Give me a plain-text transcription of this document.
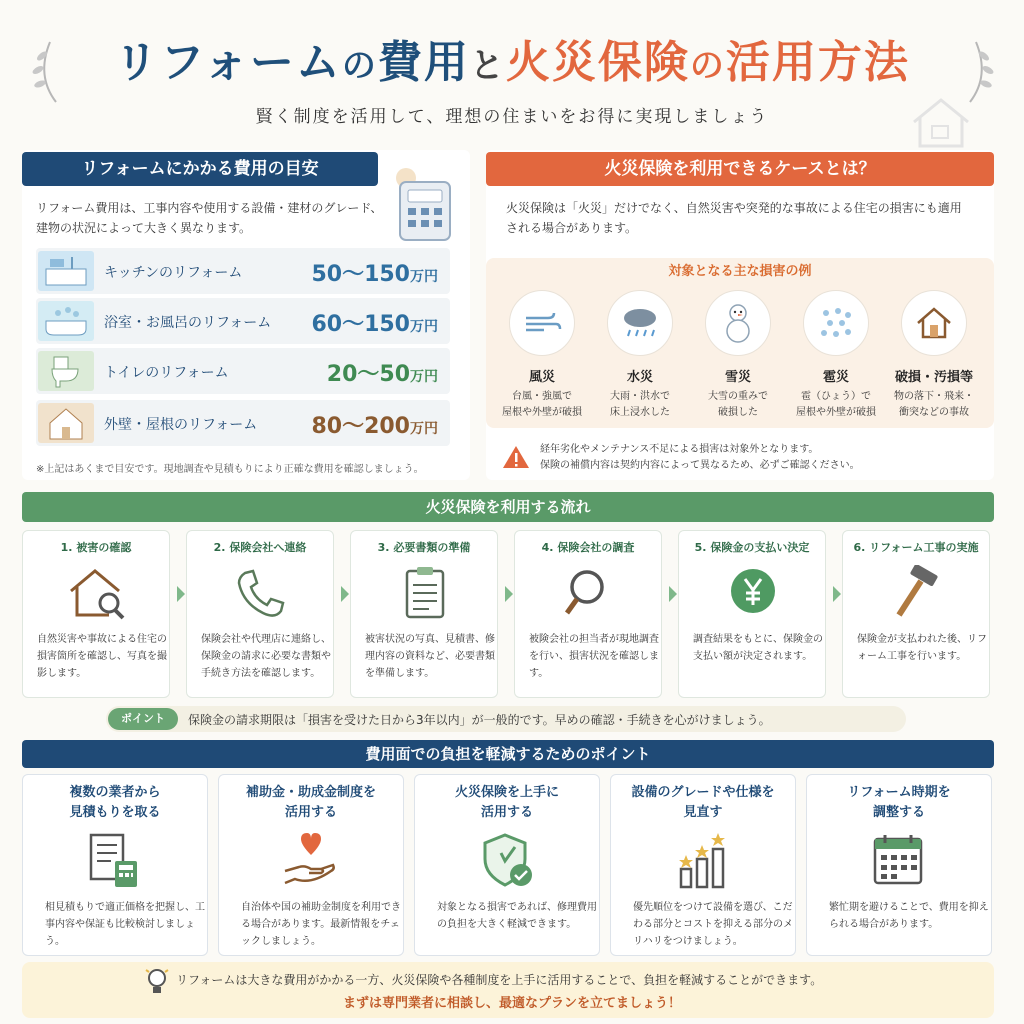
リフォームの費用と火災保険の活用方法
賢く制度を活用して、理想の住まいをお得に実現しましょう
リフォームにかかる費用の目安
リフォーム費用は、工事内容や使用する設備・建材のグレード、建物の状況によって大きく異なります。
キッチンのリフォーム	50～150万円
浴室・お風呂のリフォーム 60～150万円
トイレのリフォーム	20～50万円
外壁・屋根のリフォーム 80～200万円
※上記はあくまで目安です。現地調査や見積もりにより正確な費用を確認しましょう。
火災保険を利用できるケースとは？
火災保険は「火災」だけでなく、自然災害や突発的な事故による住宅の損害にも適用される場合があります。
対象となる主な損害の例
風災
台風・強風で
屋根や外壁が破損
水災
大雨・洪水で
床上浸水した
雪災
大雪の重みで
破損した
雹災
雹（ひょう）で
屋根や外壁が破損
破損・汚損等
物の落下・飛来・
衝突などの事故
経年劣化やメンテナンス不足による損害は対象外となります。
保険の補償内容は契約内容によって異なるため、必ずご確認ください。
火災保険を利用する流れ
1. 被害の確認
自然災害や事故による住宅の損害箇所を確認し、写真を撮影します。
2. 保険会社へ連絡
保険会社や代理店に連絡し、保険金の請求に必要な書類や手続き方法を確認します。
3. 必要書類の準備
被害状況の写真、見積書、修理内容の資料など、必要書類を準備します。
4. 保険会社の調査
被険会社の担当者が現地調査を行い、損害状況を確認します。
5. 保険金の支払い決定
調査結果をもとに、保険金の支払い額が決定されます。
6. リフォーム工事の実施
保険金が支払われた後、リフォーム工事を行います。
ポイント	保険金の請求期限は「損害を受けた日から3年以内」が一般的です。早めの確認・手続きを心がけましょう。
費用面での負担を軽減するためのポイント
複数の業者から
見積もりを取る
相見積もりで適正価格を把握し、工事内容や保証も比較検討しましょう。
補助金・助成金制度を
活用する
自治体や国の補助金制度を利用できる場合があります。最新情報をチェックしましょう。
火災保険を上手に
活用する
対象となる損害であれば、修理費用の負担を大きく軽減できます。
設備のグレードや仕様を
見直す
優先順位をつけて設備を選び、こだわる部分とコストを抑える部分のメリハリをつけましょう。
リフォーム時期を
調整する
繁忙期を避けることで、費用を抑えられる場合があります。
リフォームは大きな費用がかかる一方、火災保険や各種制度を上手に活用することで、負担を軽減することができます。
まずは専門業者に相談し、最適なプランを立てましょう！
